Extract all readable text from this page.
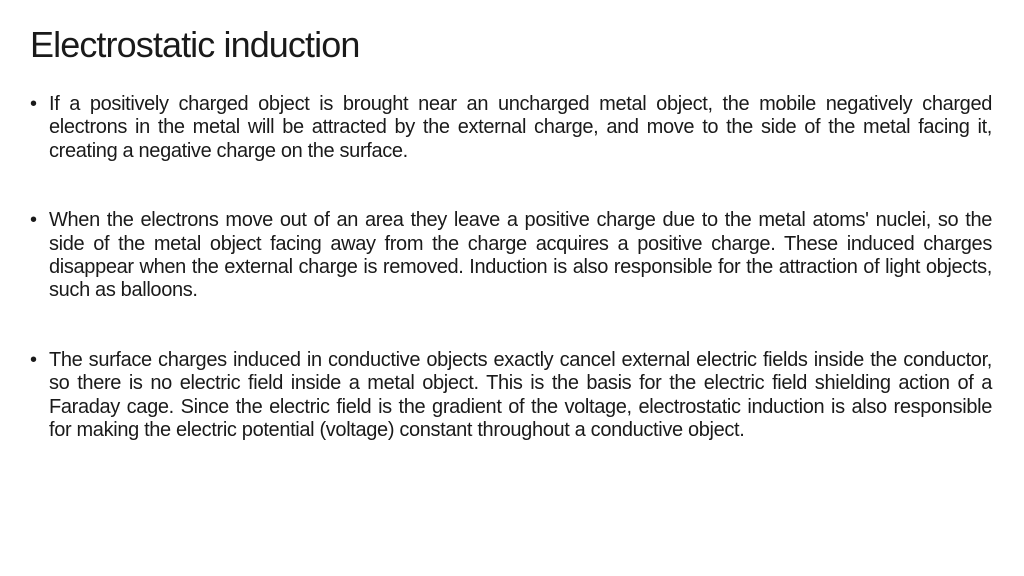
Electrostatic induction
• If a positively charged object is brought near an uncharged metal object, the mobile negatively charged electrons in the metal will be attracted by the external charge, and move to the side of the metal facing it, creating a negative charge on the surface.
• When the electrons move out of an area they leave a positive charge due to the metal atoms' nuclei, so the side of the metal object facing away from the charge acquires a positive charge. These induced charges disappear when the external charge is removed. Induction is also responsible for the attraction of light objects, such as balloons.
• The surface charges induced in conductive objects exactly cancel external electric fields inside the conductor, so there is no electric field inside a metal object. This is the basis for the electric field shielding action of a Faraday cage. Since the electric field is the gradient of the voltage, electrostatic induction is also responsible for making the electric potential (voltage) constant throughout a conductive object.
